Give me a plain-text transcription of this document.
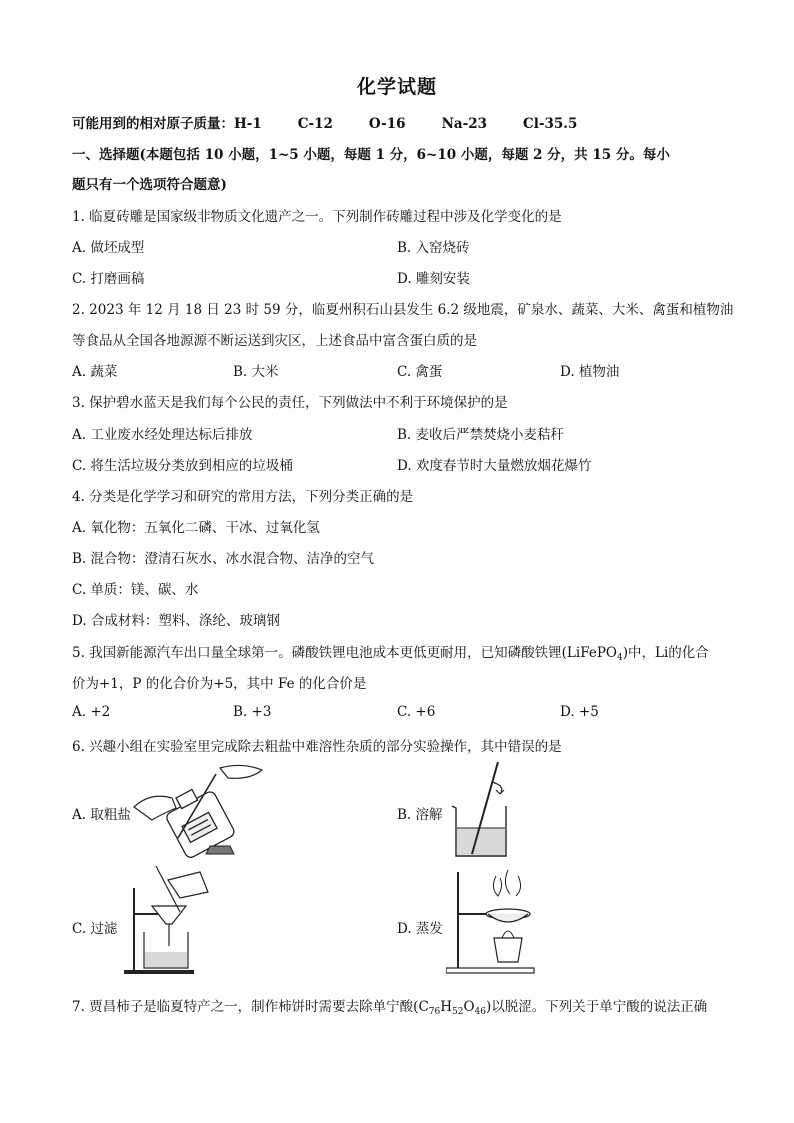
化学试题
可能用到的相对原子质量：H-1	C-12	O-16	Na-23	Cl-35.5
一、选择题(本题包括 10 小题，1~5 小题，每题 1 分，6~10 小题，每题 2 分，共 15 分。每小
题只有一个选项符合题意)
1. 临夏砖雕是国家级非物质文化遗产之一。下列制作砖雕过程中涉及化学变化的是
A. 做坯成型	B. 入窑烧砖
C. 打磨画稿	D. 雕刻安装
2. 2023 年 12 月 18 日 23 时 59 分，临夏州积石山县发生 6.2 级地震，矿泉水、蔬菜、大米、禽蛋和植物油
等食品从全国各地源源不断运送到灾区，上述食品中富含蛋白质的是
A. 蔬菜	B. 大米	C. 禽蛋	D. 植物油
3. 保护碧水蓝天是我们每个公民的责任，下列做法中不利于环境保护的是
A. 工业废水经处理达标后排放	B. 麦收后严禁焚烧小麦秸秆
C. 将生活垃圾分类放到相应的垃圾桶	D. 欢度春节时大量燃放烟花爆竹
4. 分类是化学学习和研究的常用方法，下列分类正确的是
A. 氧化物：五氧化二磷、干冰、过氧化氢
B. 混合物：澄清石灰水、冰水混合物、洁净的空气
C. 单质：镁、碳、水
D. 合成材料：塑料、涤纶、玻璃钢
5. 我国新能源汽车出口量全球第一。磷酸铁锂电池成本更低更耐用，已知磷酸铁锂(LiFePO$_4$)中，Li的化合
价为+1，P 的化合价为+5，其中 Fe 的化合价是
A. +2	B. +3	C. +6	D. +5
6. 兴趣小组在实验室里完成除去粗盐中难溶性杂质的部分实验操作，其中错误的是
A. 取粗盐	B. 溶解
C. 过滤	D. 蒸发
7. 贾昌柿子是临夏特产之一，制作柿饼时需要去除单宁酸$(C_{76}H_{52}O_{46})$以脱涩。下列关于单宁酸的说法正确
